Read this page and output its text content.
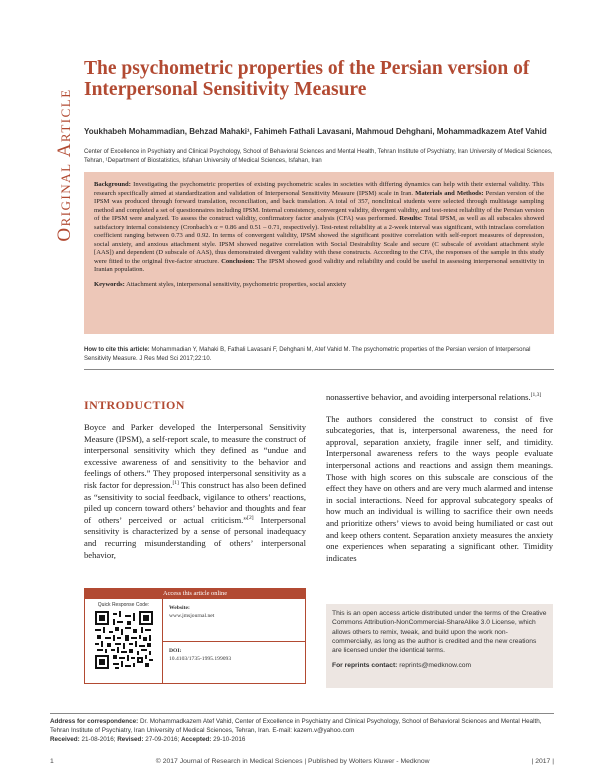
Original Article
The psychometric properties of the Persian version of Interpersonal Sensitivity Measure
Youkhabeh Mohammadian, Behzad Mahaki¹, Fahimeh Fathali Lavasani, Mahmoud Dehghani, Mohammadkazem Atef Vahid
Center of Excellence in Psychiatry and Clinical Psychology, School of Behavioral Sciences and Mental Health, Tehran Institute of Psychiatry, Iran University of Medical Sciences, Tehran, ¹Department of Biostatistics, Isfahan University of Medical Sciences, Isfahan, Iran
Background: Investigating the psychometric properties of existing psychometric scales in societies with differing dynamics can help with their external validity. This research specifically aimed at standardization and validation of Interpersonal Sensitivity Measure (IPSM) scale in Iran. Materials and Methods: Persian version of the IPSM was produced through forward translation, reconciliation, and back translation. A total of 357, nonclinical students were selected through multistage sampling method and completed a set of questionnaires including IPSM. Internal consistency, convergent validity, divergent validity, and test-retest reliability of the Persian version of the IPSM were analyzed. To assess the construct validity, confirmatory factor analysis (CFA) was performed. Results: Total IPSM, as well as all subscales showed satisfactory internal consistency (Cronbach's α = 0.86 and 0.51 – 0.71, respectively). Test-retest reliability at a 2-week interval was significant, with intraclass correlation coefficient ranging between 0.73 and 0.92. In terms of convergent validity, IPSM showed the significant positive correlation with self-report measures of depression, social anxiety, and anxious attachment style. IPSM showed negative correlation with Social Desirability Scale and secure (C subscale of avoidant attachment style [AAS]) and dependent (D subscale of AAS), thus demonstrated divergent validity with these constructs. According to the CFA, the responses of the sample in this study were fitted to the original five-factor structure. Conclusion: The IPSM showed good validity and reliability and could be useful in assessing interpersonal sensitivity in Iranian population.
Keywords: Attachment styles, interpersonal sensitivity, psychometric properties, social anxiety
How to cite this article: Mohammadian Y, Mahaki B, Fathali Lavasani F, Dehghani M, Atef Vahid M. The psychometric properties of the Persian version of Interpersonal Sensitivity Measure. J Res Med Sci 2017;22:10.
INTRODUCTION

Boyce and Parker developed the Interpersonal Sensitivity Measure (IPSM), a self-report scale, to measure the construct of interpersonal sensitivity which they defined as “undue and excessive awareness of and sensitivity to the behavior and feelings of others.” They proposed interpersonal sensitivity as a risk factor for depression.[1] This construct has also been defined as “sensitivity to social feedback, vigilance to others’ reactions, piled up concern toward others’ behavior and thoughts and fear of others’ perceived or actual criticism.”[2] Interpersonal sensitivity is characterized by a sense of personal inadequacy and recurring misunderstanding of others’ interpersonal behavior,

nonassertive behavior, and avoiding interpersonal relations.[1,3]

The authors considered the construct to consist of five subcategories, that is, interpersonal awareness, the need for approval, separation anxiety, fragile inner self, and timidity. Interpersonal awareness refers to the ways people evaluate interpersonal actions and reactions and assign them meanings. Those with high scores on this subscale are conscious of the effect they have on others and are very much alarmed and intense in social interactions. Need for approval subcategory speaks of how much an individual is willing to sacrifice their own needs and prioritize others’ views to avoid being humiliated or cast out and keep others content. Separation anxiety measures the anxiety one experiences when separating a significant other. Timidity indicates

Access this article online
Quick Response Code:	Website:
www.jmsjournal.net
DOI:
10.4103/1735-1995.199093
This is an open access article distributed under the terms of the Creative Commons Attribution-NonCommercial-ShareAlike 3.0 License, which allows others to remix, tweak, and build upon the work non-commercially, as long as the author is credited and the new creations are licensed under the identical terms.
For reprints contact: reprints@medknow.com
Address for correspondence: Dr. Mohammadkazem Atef Vahid, Center of Excellence in Psychiatry and Clinical Psychology, School of Behavioral Sciences and Mental Health, Tehran Institute of Psychiatry, Iran University of Medical Sciences, Tehran, Iran. E-mail: kazem.v@yahoo.com
Received: 21-08-2016; Revised: 27-09-2016; Accepted: 29-10-2016
1	© 2017 Journal of Research in Medical Sciences | Published by Wolters Kluwer - Medknow	| 2017 |
